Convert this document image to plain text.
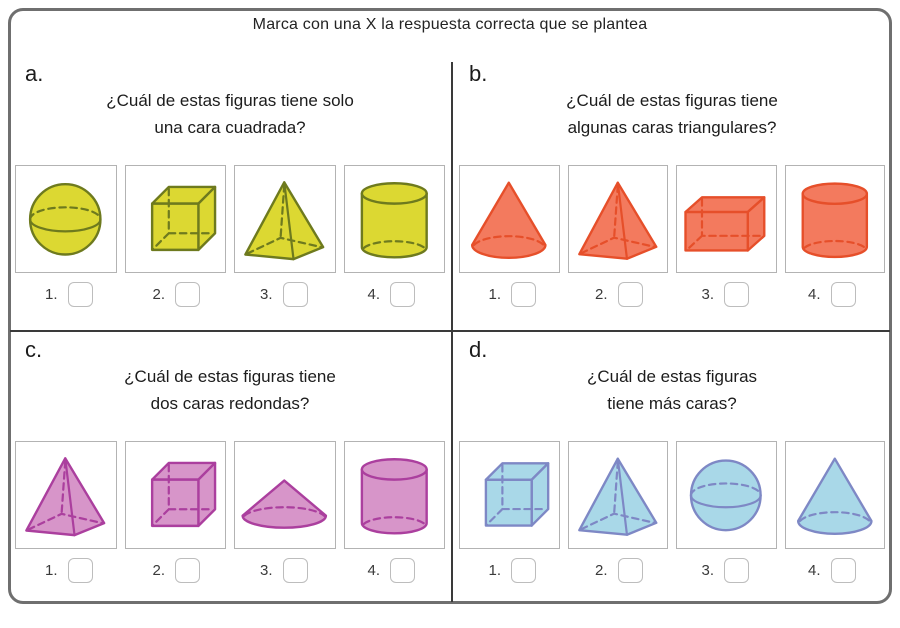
Marca con una X la respuesta correcta que se plantea
a.
¿Cuál de estas figuras tiene solo
una cara cuadrada?
1.	2.	3.	4.
b.
¿Cuál de estas figuras tiene
algunas caras triangulares?
1.	2.	3.	4.
c.
¿Cuál de estas figuras tiene
dos caras redondas?
1.	2.	3.	4.
d.
¿Cuál de estas figuras
tiene más caras?
1.	2.	3.	4.
